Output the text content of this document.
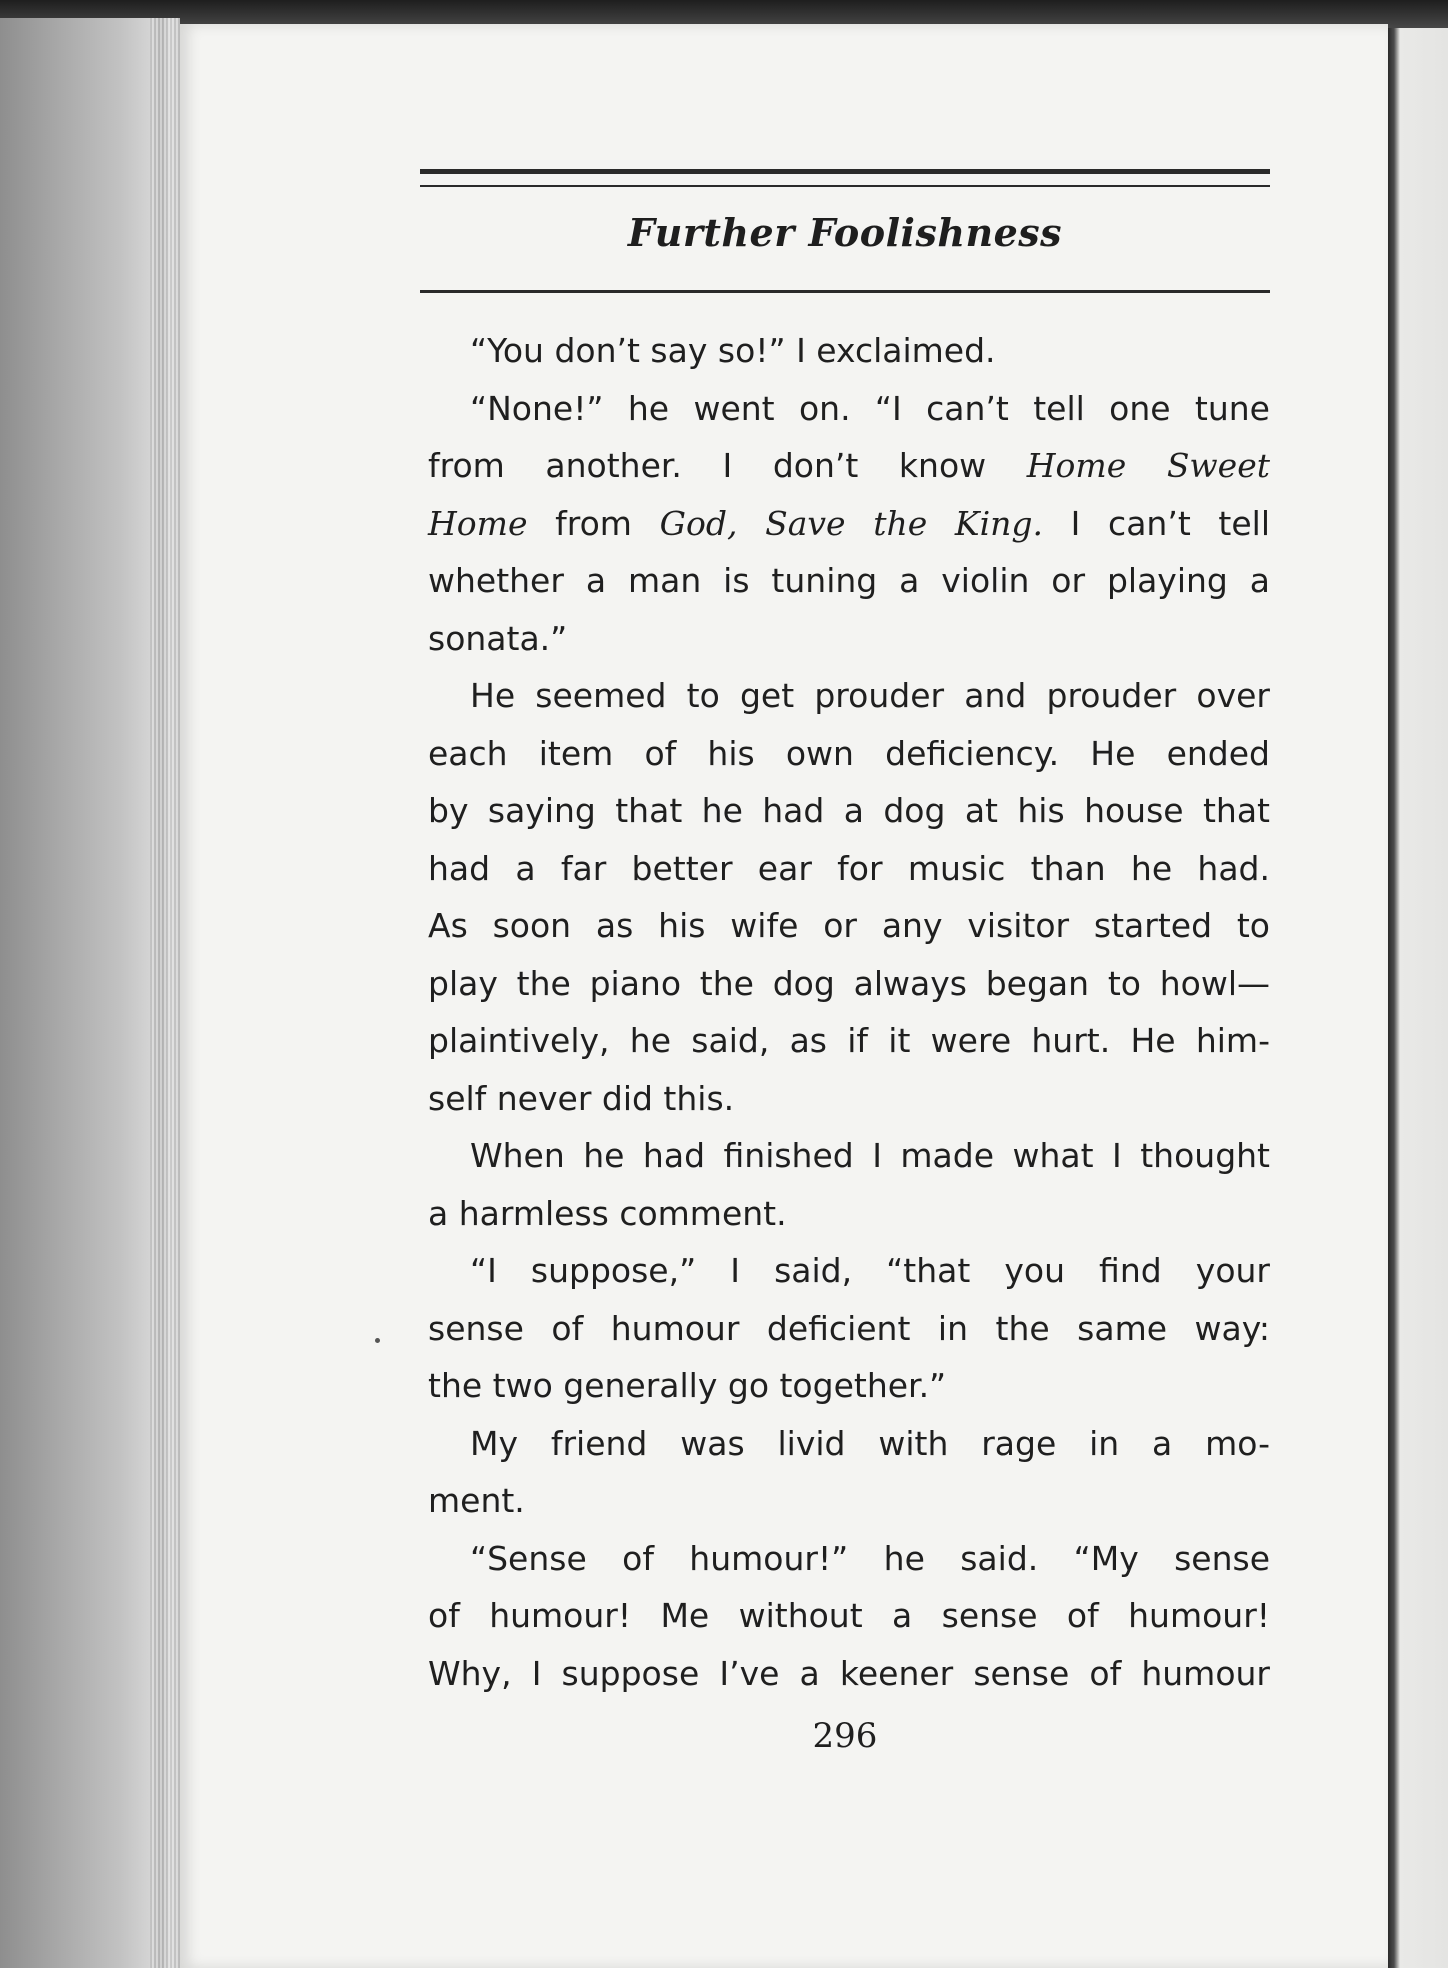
Further Foolishness
“You don’t say so!” I exclaimed.
“None!” he went on. “I can’t tell one tune
from another. I don’t know Home Sweet
Home from God, Save the King. I can’t tell
whether a man is tuning a violin or playing a
sonata.”
He seemed to get prouder and prouder over
each item of his own deficiency. He ended
by saying that he had a dog at his house that
had a far better ear for music than he had.
As soon as his wife or any visitor started to
play the piano the dog always began to howl—
plaintively, he said, as if it were hurt. He him-
self never did this.
When he had finished I made what I thought
a harmless comment.
“I suppose,” I said, “that you find your
sense of humour deficient in the same way:
the two generally go together.”
My friend was livid with rage in a mo-
ment.
“Sense of humour!” he said. “My sense
of humour! Me without a sense of humour!
Why, I suppose I’ve a keener sense of humour
296
